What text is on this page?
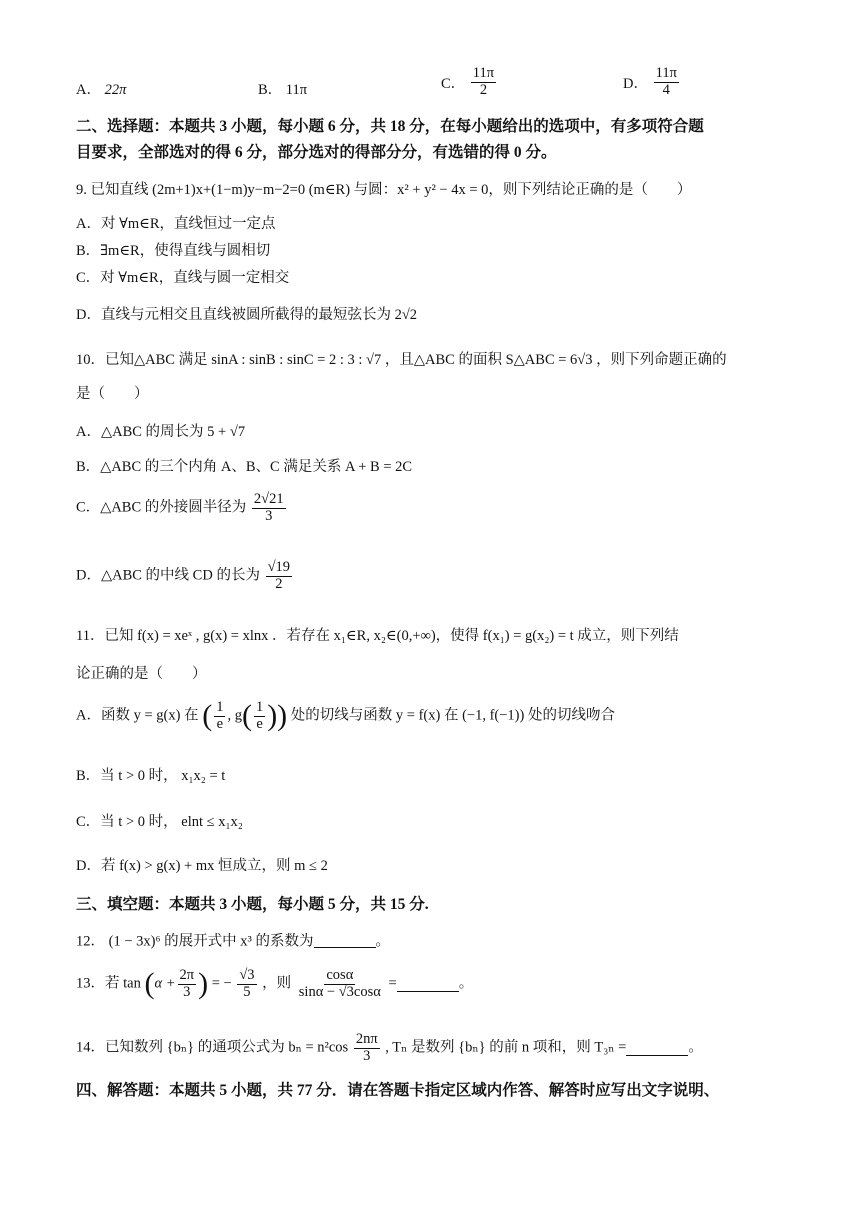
A． 22π	B． 11π	C． $\frac{11\pi}{2}$	D． $\frac{11\pi}{4}$
二、选择题：本题共 3 小题，每小题 6 分，共 18 分，在每小题给出的选项中，有多项符合题
目要求，全部选对的得 6 分，部分选对的得部分分，有选错的得 0 分。
9. 已知直线 (2m+1)x+(1−m)y−m−2=0 (m∈R) 与圆：x² + y² − 4x = 0，则下列结论正确的是（　　）
A．对 ∀m∈R，直线恒过一定点
B．∃m∈R，使得直线与圆相切
C．对 ∀m∈R，直线与圆一定相交
D．直线与元相交且直线被圆所截得的最短弦长为 2√2
10．已知△ABC 满足 sinA : sinB : sinC = 2 : 3 : √7 ，且△ABC 的面积 S△ABC = 6√3 ，则下列命题正确的
是（　　）
A．△ABC 的周长为 5 + √7
B．△ABC 的三个内角 A、B、C 满足关系 A + B = 2C
C．△ABC 的外接圆半径为 $\frac{2√21}{3}$
D．△ABC 的中线 CD 的长为 $\frac{√19}{2}$
11．已知 f(x) = xeˣ , g(x) = xlnx ．若存在 x₁∈R, x₂∈(0,+∞)，使得 f(x₁) = g(x₂) = t 成立，则下列结
论正确的是（　　）
A．函数 y = g(x) 在 ( $\frac{1}{e}$ , $g( \frac{1}{e}$ )) 处的切线与函数 y = f(x) 在 (−1, f(−1)) 处的切线吻合
B．当 t > 0 时， x₁x₂ = t
C．当 t > 0 时， elnt ≤ x₁x₂
D．若 f(x) > g(x) + mx 恒成立，则 m ≤ 2
三、填空题：本题共 3 小题，每小题 5 分，共 15 分.
12． (1 − 3x)⁶ 的展开式中 x³ 的系数为	。
13．若 $\tan (\alpha + \frac{2\pi}{3}$ ) = − $\frac{√3}{5}$ ，则 $\frac{\cos\alpha}{\sin\alpha - √3\cos\alpha}$ =	。
14．已知数列 {bₙ} 的通项公式为 $b_n = n^2\cos \frac{2n\pi}{3}$ , Tₙ 是数列 {bₙ} 的前 n 项和，则 T₃ₙ =	。
四、解答题：本题共 5 小题，共 77 分．请在答题卡指定区域内作答、解答时应写出文字说明、
